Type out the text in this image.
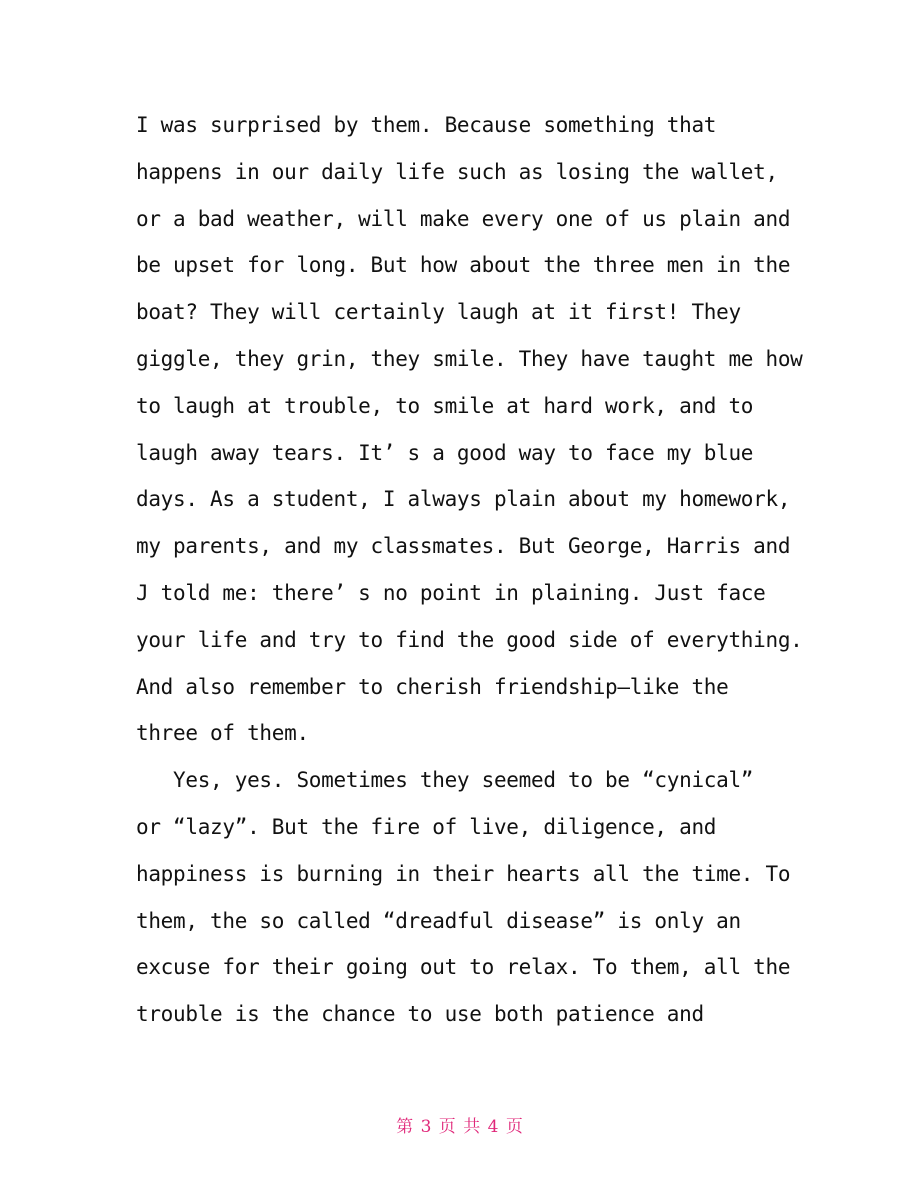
I was surprised by them. Because something that
happens in our daily life such as losing the wallet,
or a bad weather, will make every one of us plain and
be upset for long. But how about the three men in the
boat? They will certainly laugh at it first! They
giggle, they grin, they smile. They have taught me how
to laugh at trouble, to smile at hard work, and to
laugh away tears. It’ s a good way to face my blue
days. As a student, I always plain about my homework,
my parents, and my classmates. But George, Harris and
J told me: there’ s no point in plaining. Just face
your life and try to find the good side of everything.
And also remember to cherish friendship—like the
three of them.
Yes, yes. Sometimes they seemed to be “cynical”
or “lazy”. But the fire of live, diligence, and
happiness is burning in their hearts all the time. To
them, the so called “dreadful disease” is only an
excuse for their going out to relax. To them, all the
trouble is the chance to use both patience and
第 3 页 共 4 页
